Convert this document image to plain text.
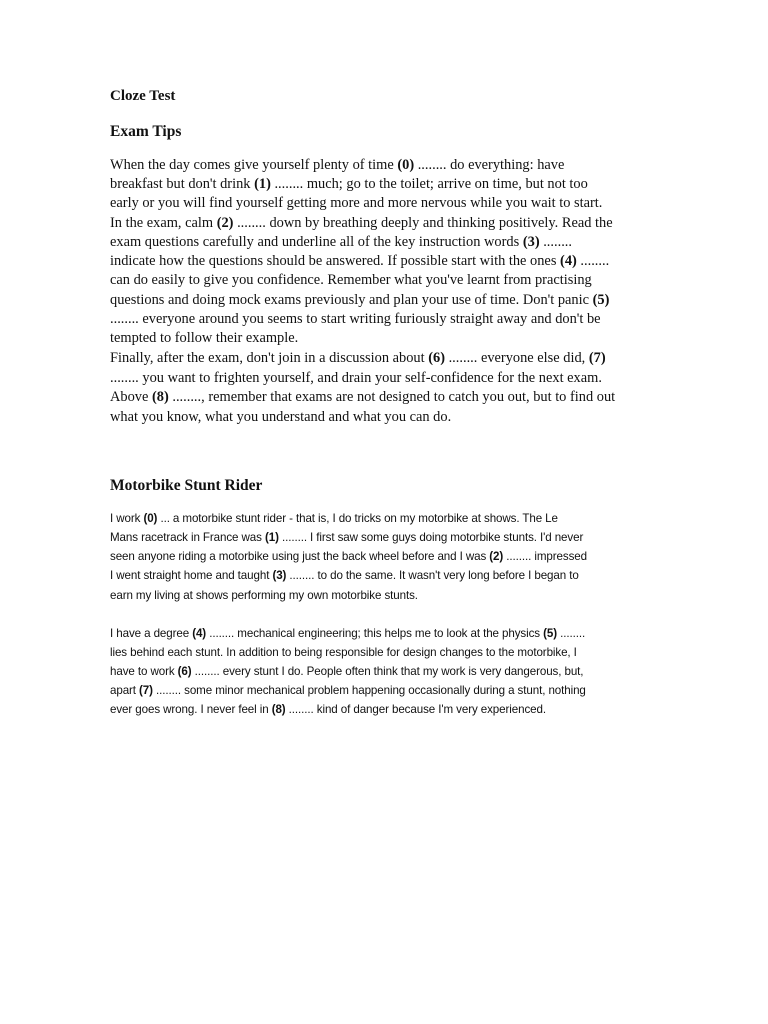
Cloze Test
Exam Tips

When the day comes give yourself plenty of time (0) ........ do everything: have

breakfast but don't drink (1) ........ much; go to the toilet; arrive on time, but not too

early or you will find yourself getting more and more nervous while you wait to start.

In the exam, calm (2) ........ down by breathing deeply and thinking positively. Read the

exam questions carefully and underline all of the key instruction words (3) ........

indicate how the questions should be answered. If possible start with the ones (4) ........

can do easily to give you confidence. Remember what you've learnt from practising

questions and doing mock exams previously and plan your use of time. Don't panic (5)

........ everyone around you seems to start writing furiously straight away and don't be

tempted to follow their example.

Finally, after the exam, don't join in a discussion about (6) ........ everyone else did, (7)

........ you want to frighten yourself, and drain your self-confidence for the next exam.

Above (8) ........, remember that exams are not designed to catch you out, but to find out

what you know, what you understand and what you can do.

Motorbike Stunt Rider

I work (0) ... a motorbike stunt rider - that is, I do tricks on my motorbike at shows. The Le

Mans racetrack in France was (1) ........ I first saw some guys doing motorbike stunts. I'd never

seen anyone riding a motorbike using just the back wheel before and I was (2) ........ impressed

I went straight home and taught (3) ........ to do the same. It wasn't very long before I began to

earn my living at shows performing my own motorbike stunts.

I have a degree (4) ........ mechanical engineering; this helps me to look at the physics (5) ........

lies behind each stunt. In addition to being responsible for design changes to the motorbike, I

have to work (6) ........ every stunt I do. People often think that my work is very dangerous, but,

apart (7) ........ some minor mechanical problem happening occasionally during a stunt, nothing

ever goes wrong. I never feel in (8) ........ kind of danger because I'm very experienced.
